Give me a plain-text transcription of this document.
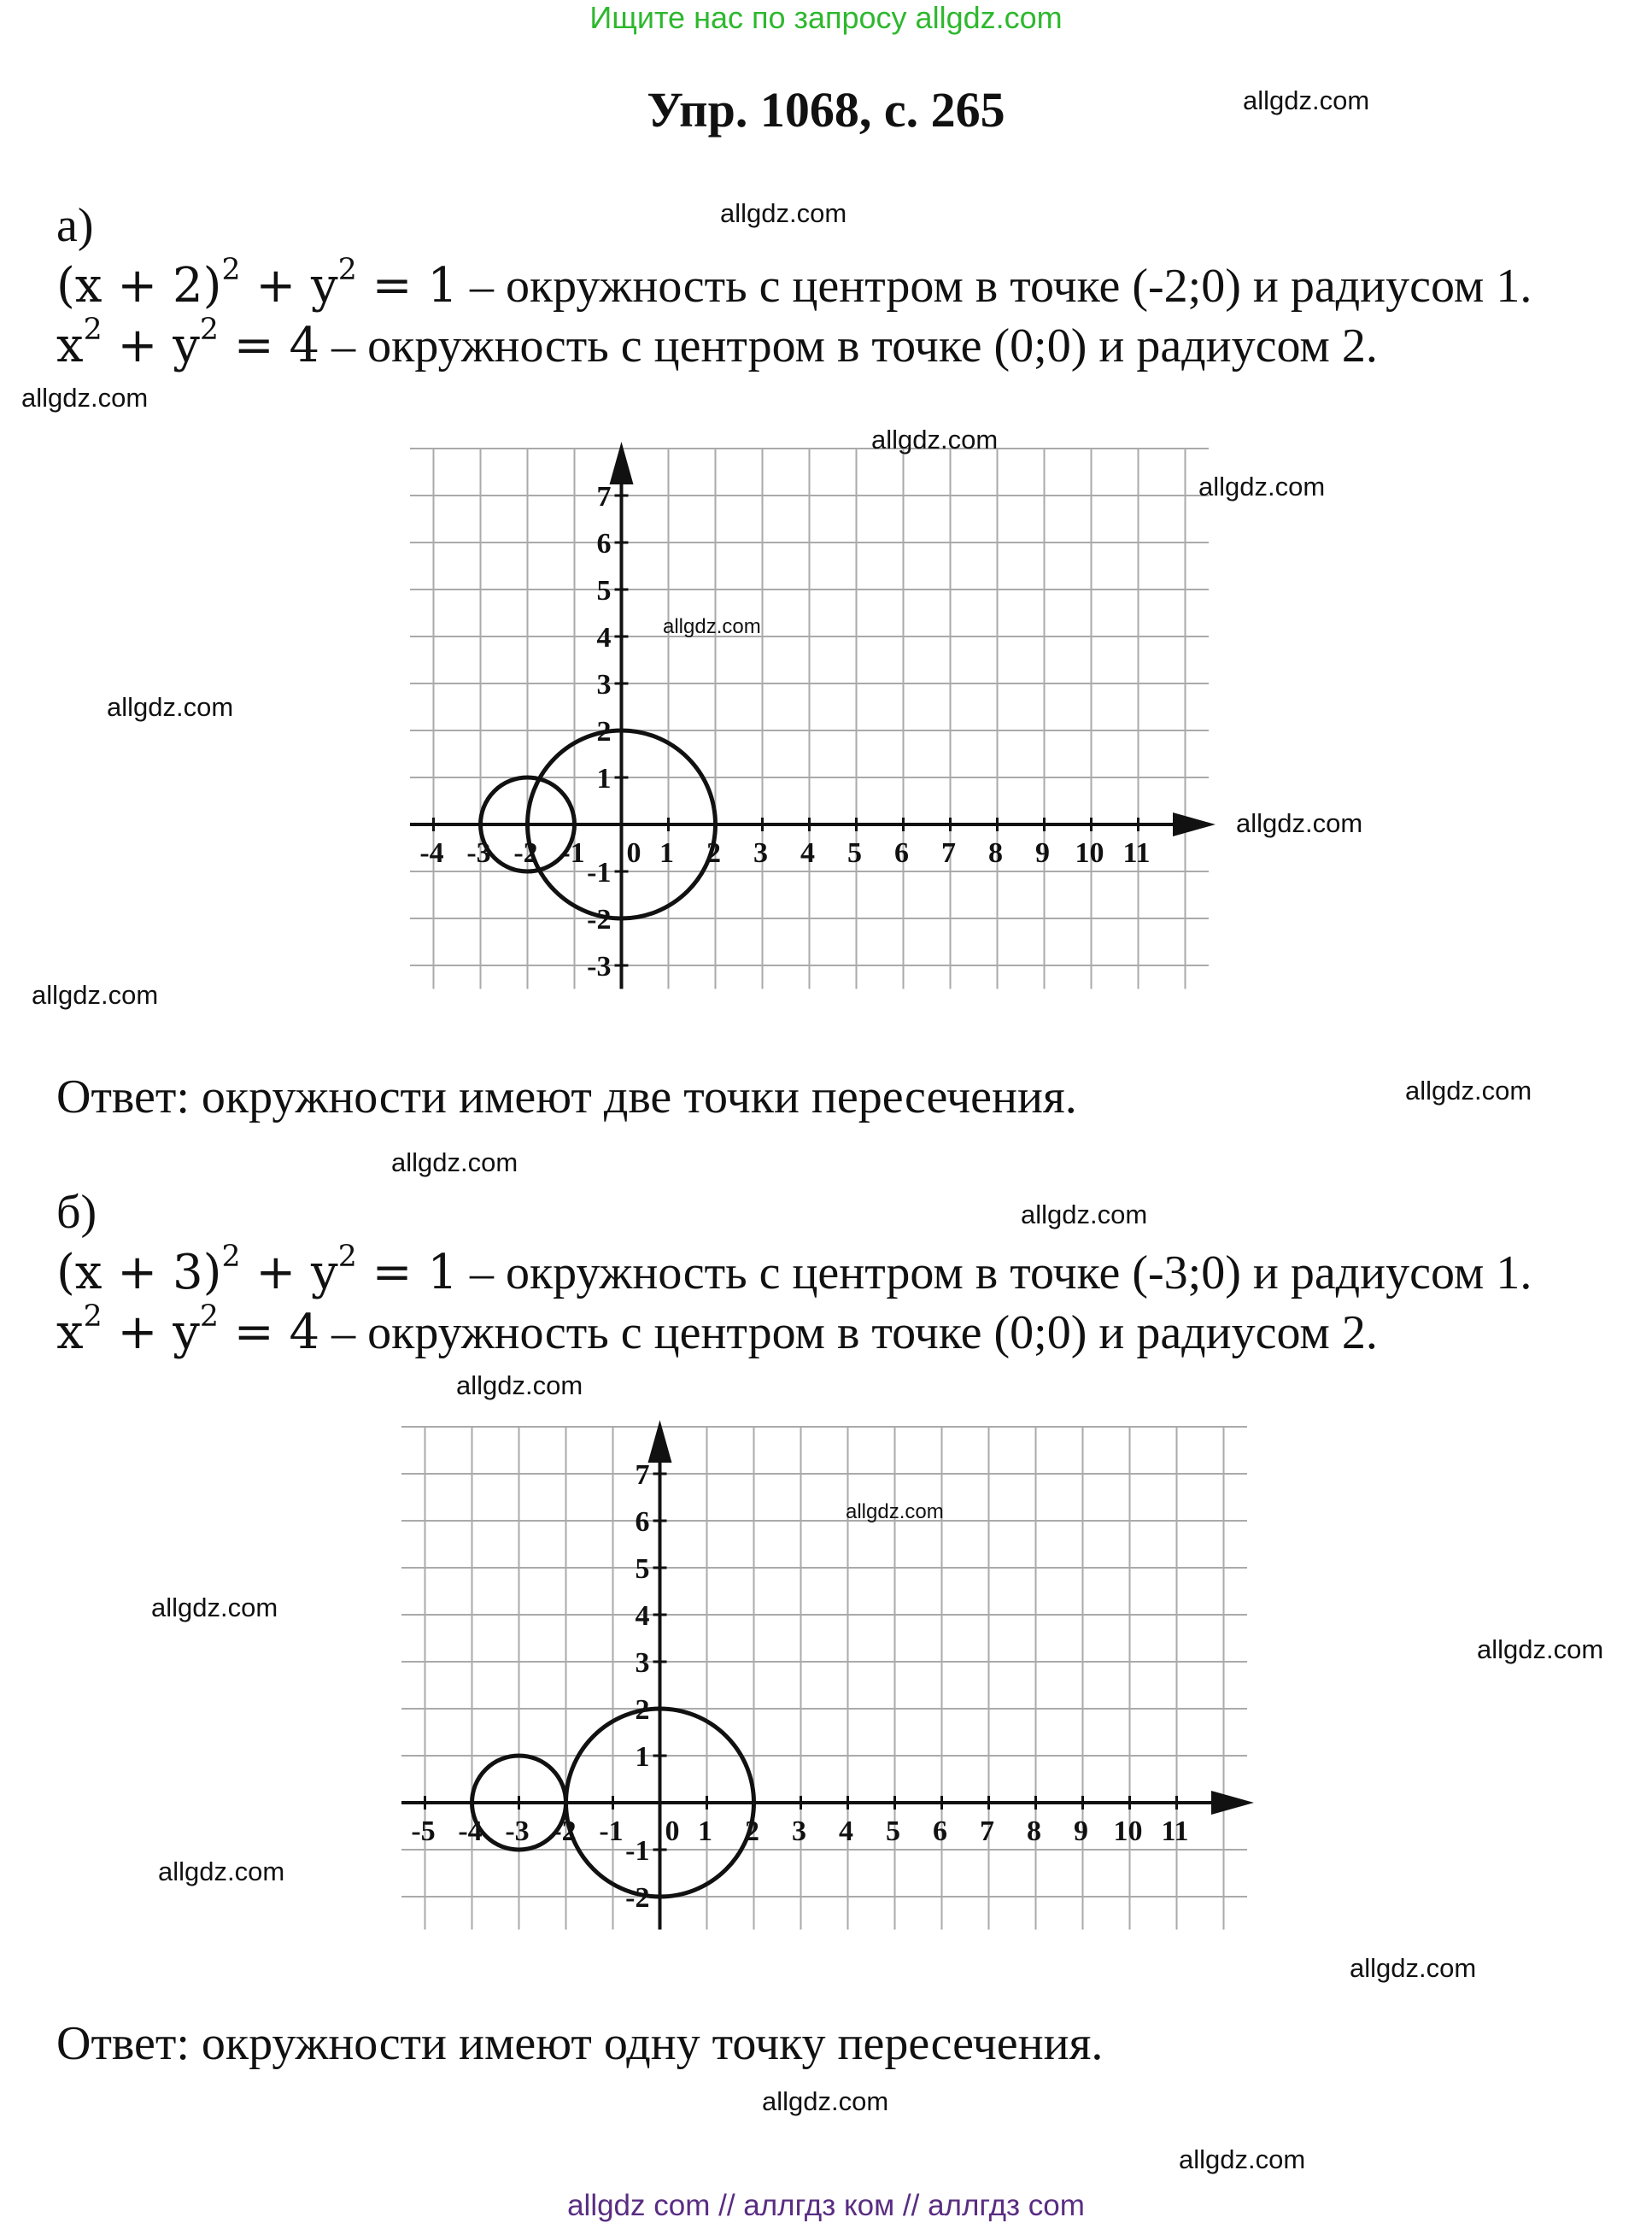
Ищите нас по запросу allgdz.com
Упр. 1068, с. 265
а)
$(x + 2)^2 + y^2 = 1$ – окружность с центром в точке (-2;0) и радиусом 1.
$x^2 + y^2 = 4$ – окружность с центром в точке (0;0) и радиусом 2.
-4 -3 -2 -1 0 1 2 3 4 5 6 7 8 9 10 11
-3
-2
-1
1
2
3
4
5
6
7
Ответ: окружности имеют две точки пересечения.
б)
$(x + 3)^2 + y^2 = 1$ – окружность с центром в точке (-3;0) и радиусом 1.
$x^2 + y^2 = 4$ – окружность с центром в точке (0;0) и радиусом 2.
-5 -4 -3 -2 -1 0 1 2 3 4 5 6 7 8 9 10 11
-2
-1
1
2
3
4
5
6
7
Ответ: окружности имеют одну точку пересечения.
allgdz.com
allgdz.com
allgdz.com
allgdz.com
allgdz.com
allgdz.com
allgdz.com
allgdz.com
allgdz.com
allgdz.com
allgdz.com
allgdz.com
allgdz.com
allgdz.com
allgdz.com
allgdz.com
allgdz.com
allgdz.com
allgdz.com
allgdz.com
allgdz com // аллгдз ком // аллгдз com
